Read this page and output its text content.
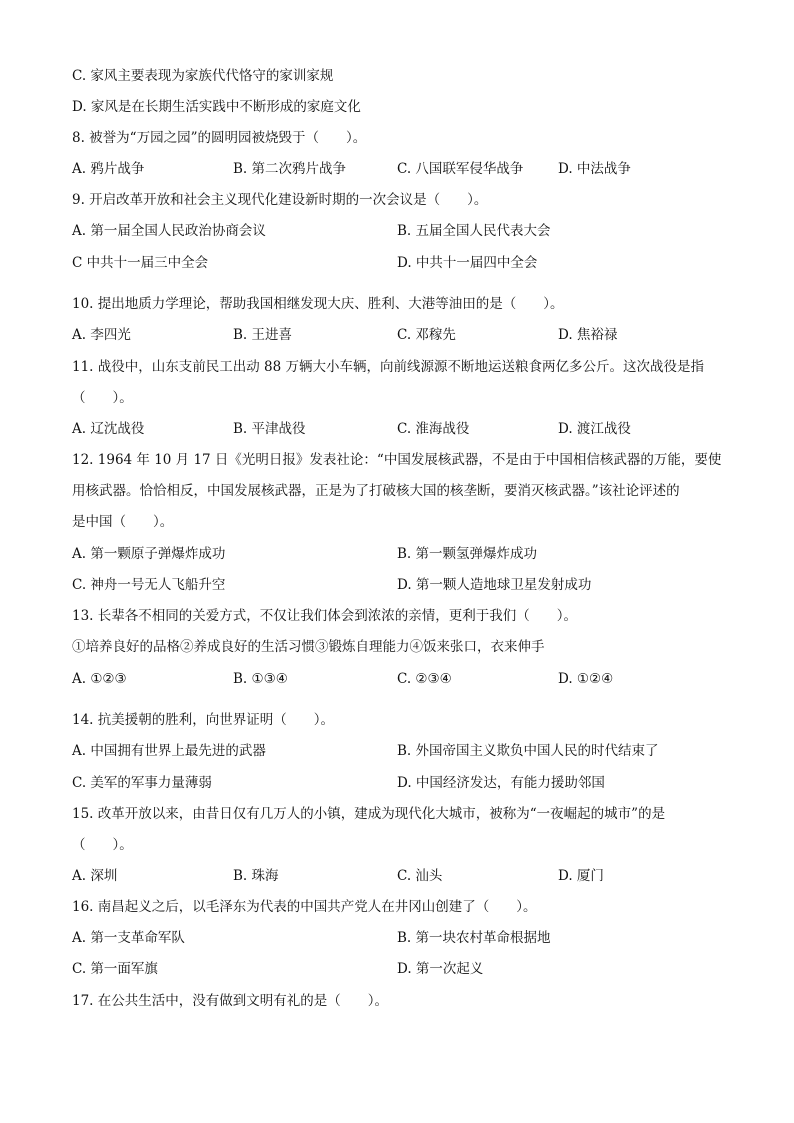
C. 家风主要表现为家族代代恪守的家训家规
D. 家风是在长期生活实践中不断形成的家庭文化
8. 被誉为“万园之园”的圆明园被烧毁于（　　）。
A. 鸦片战争	B. 第二次鸦片战争	C. 八国联军侵华战争	D. 中法战争
9. 开启改革开放和社会主义现代化建设新时期的一次会议是（　　）。
A. 第一届全国人民政治协商会议	B. 五届全国人民代表大会
C 中共十一届三中全会	D. 中共十一届四中全会
10. 提出地质力学理论，帮助我国相继发现大庆、胜利、大港等油田的是（　　）。
A. 李四光	B. 王进喜	C. 邓稼先	D. 焦裕禄
11. 战役中，山东支前民工出动 88 万辆大小车辆，向前线源源不断地运送粮食两亿多公斤。这次战役是指
（　　）。
A. 辽沈战役	B. 平津战役	C. 淮海战役	D. 渡江战役
12. 1964 年 10 月 17 日《光明日报》发表社论：“中国发展核武器，不是由于中国相信核武器的万能，要使
用核武器。恰恰相反，中国发展核武器，正是为了打破核大国的核垄断，要消灭核武器。”该社论评述的
是中国（　　）。
A. 第一颗原子弹爆炸成功	B. 第一颗氢弹爆炸成功
C. 神舟一号无人飞船升空	D. 第一颗人造地球卫星发射成功
13. 长辈各不相同的关爱方式，不仅让我们体会到浓浓的亲情，更利于我们（　　）。
①培养良好的品格②养成良好的生活习惯③锻炼自理能力④饭来张口，衣来伸手
A. ①②③	B. ①③④	C. ②③④	D. ①②④
14. 抗美援朝的胜利，向世界证明（　　）。
A. 中国拥有世界上最先进的武器	B. 外国帝国主义欺负中国人民的时代结束了
C. 美军的军事力量薄弱	D. 中国经济发达，有能力援助邻国
15. 改革开放以来，由昔日仅有几万人的小镇，建成为现代化大城市，被称为“一夜崛起的城市”的是
（　　）。
A. 深圳	B. 珠海	C. 汕头	D. 厦门
16. 南昌起义之后，以毛泽东为代表的中国共产党人在井冈山创建了（　　）。
A. 第一支革命军队	B. 第一块农村革命根据地
C. 第一面军旗	D. 第一次起义
17. 在公共生活中，没有做到文明有礼的是（　　）。
